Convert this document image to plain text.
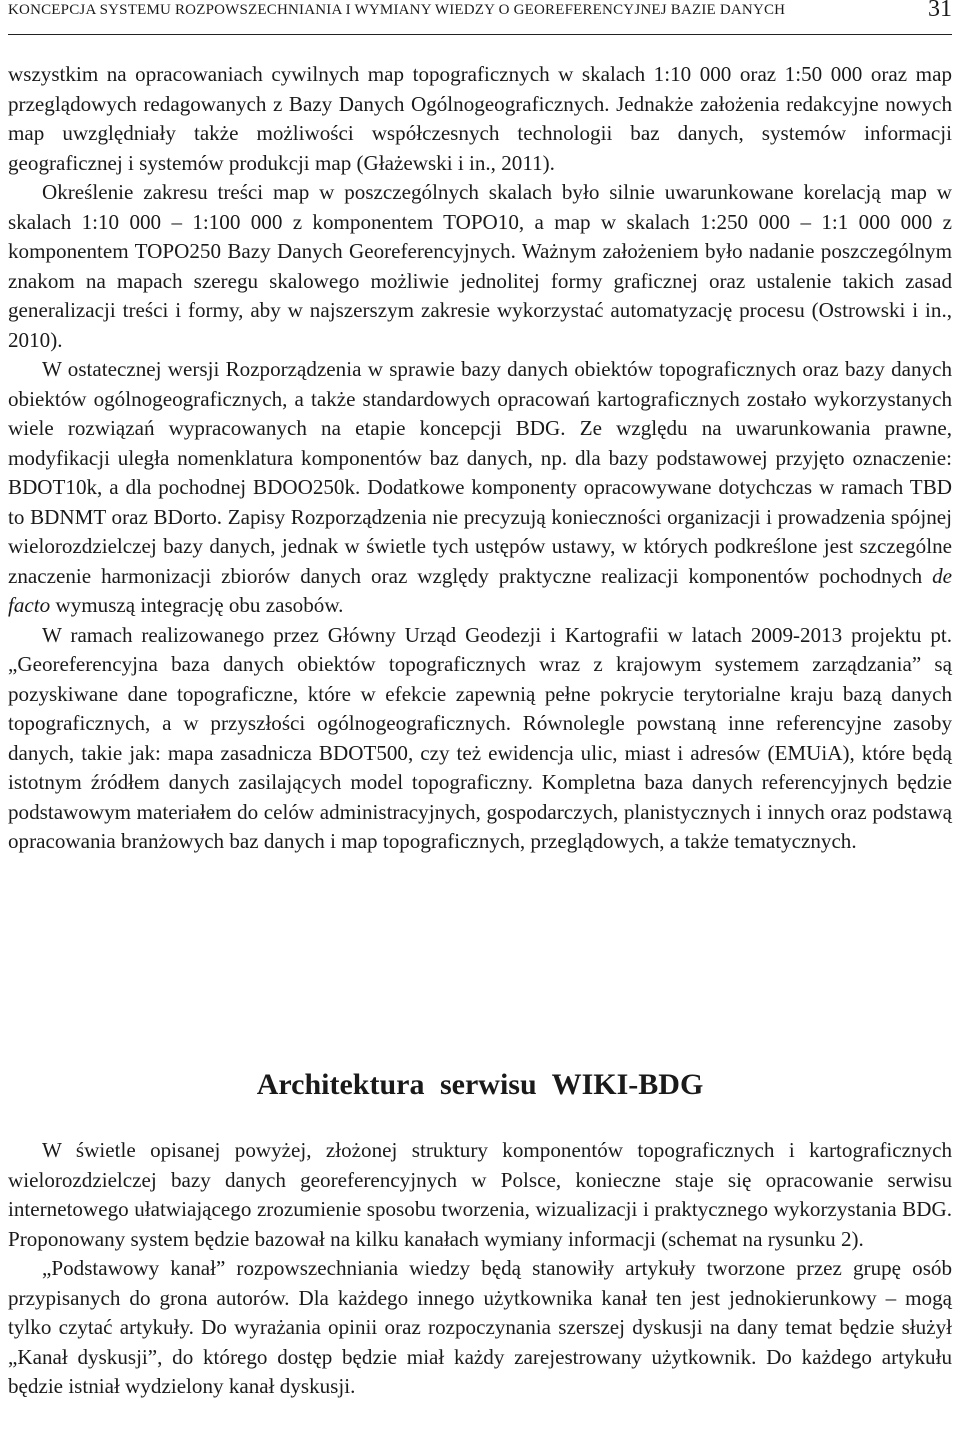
KONCEPCJA SYSTEMU ROZPOWSZECHNIANIA I WYMIANY WIEDZY O GEOREFERENCYJNEJ BAZIE DANYCH	31

wszystkim na opracowaniach cywilnych map topograficznych w skalach 1:10 000 oraz 1:50 000 oraz map przeglądowych redagowanych z Bazy Danych Ogólnogeograficznych. Jednakże założenia redakcyjne nowych map uwzględniały także możliwości współczesnych technologii baz danych, systemów informacji geograficznej i systemów produkcji map (Głażewski i in., 2011).

Określenie zakresu treści map w poszczególnych skalach było silnie uwarunkowane korelacją map w skalach 1:10 000 – 1:100 000 z komponentem TOPO10, a map w skalach 1:250 000 – 1:1 000 000 z komponentem TOPO250 Bazy Danych Georeferencyjnych. Ważnym założeniem było nadanie poszczególnym znakom na mapach szeregu skalowego możliwie jednolitej formy graficznej oraz ustalenie takich zasad generalizacji treści i formy, aby w najszerszym zakresie wykorzystać automatyzację procesu (Ostrowski i in., 2010).

W ostatecznej wersji Rozporządzenia w sprawie bazy danych obiektów topograficznych oraz bazy danych obiektów ogólnogeograficznych, a także standardowych opracowań kartograficznych zostało wykorzystanych wiele rozwiązań wypracowanych na etapie koncepcji BDG. Ze względu na uwarunkowania prawne, modyfikacji uległa nomenklatura komponentów baz danych, np. dla bazy podstawowej przyjęto oznaczenie: BDOT10k, a dla pochodnej BDOO250k. Dodatkowe komponenty opracowywane dotychczas w ramach TBD to BDNMT oraz BDorto. Zapisy Rozporządzenia nie precyzują konieczności organizacji i prowadzenia spójnej wielorozdzielczej bazy danych, jednak w świetle tych ustępów ustawy, w których podkreślone jest szczególne znaczenie harmonizacji zbiorów danych oraz względy praktyczne realizacji komponentów pochodnych de facto wymuszą integrację obu zasobów.

W ramach realizowanego przez Główny Urząd Geodezji i Kartografii w latach 2009-2013 projektu pt. „Georeferencyjna baza danych obiektów topograficznych wraz z krajowym systemem zarządzania” są pozyskiwane dane topograficzne, które w efekcie zapewnią pełne pokrycie terytorialne kraju bazą danych topograficznych, a w przyszłości ogólnogeograficznych. Równolegle powstaną inne referencyjne zasoby danych, takie jak: mapa zasadnicza BDOT500, czy też ewidencja ulic, miast i adresów (EMUiA), które będą istotnym źródłem danych zasilających model topograficzny. Kompletna baza danych referencyjnych będzie podstawowym materiałem do celów administracyjnych, gospodarczych, planistycznych i innych oraz podstawą opracowania branżowych baz danych i map topograficznych, przeglądowych, a także tematycznych.

Architektura serwisu WIKI-BDG

W świetle opisanej powyżej, złożonej struktury komponentów topograficznych i kartograficznych wielorozdzielczej bazy danych georeferencyjnych w Polsce, konieczne staje się opracowanie serwisu internetowego ułatwiającego zrozumienie sposobu tworzenia, wizualizacji i praktycznego wykorzystania BDG. Proponowany system będzie bazował na kilku kanałach wymiany informacji (schemat na rysunku 2).

„Podstawowy kanał” rozpowszechniania wiedzy będą stanowiły artykuły tworzone przez grupę osób przypisanych do grona autorów. Dla każdego innego użytkownika kanał ten jest jednokierunkowy – mogą tylko czytać artykuły. Do wyrażania opinii oraz rozpoczynania szerszej dyskusji na dany temat będzie służył „Kanał dyskusji”, do którego dostęp będzie miał każdy zarejestrowany użytkownik. Do każdego artykułu będzie istniał wydzielony kanał dyskusji.
